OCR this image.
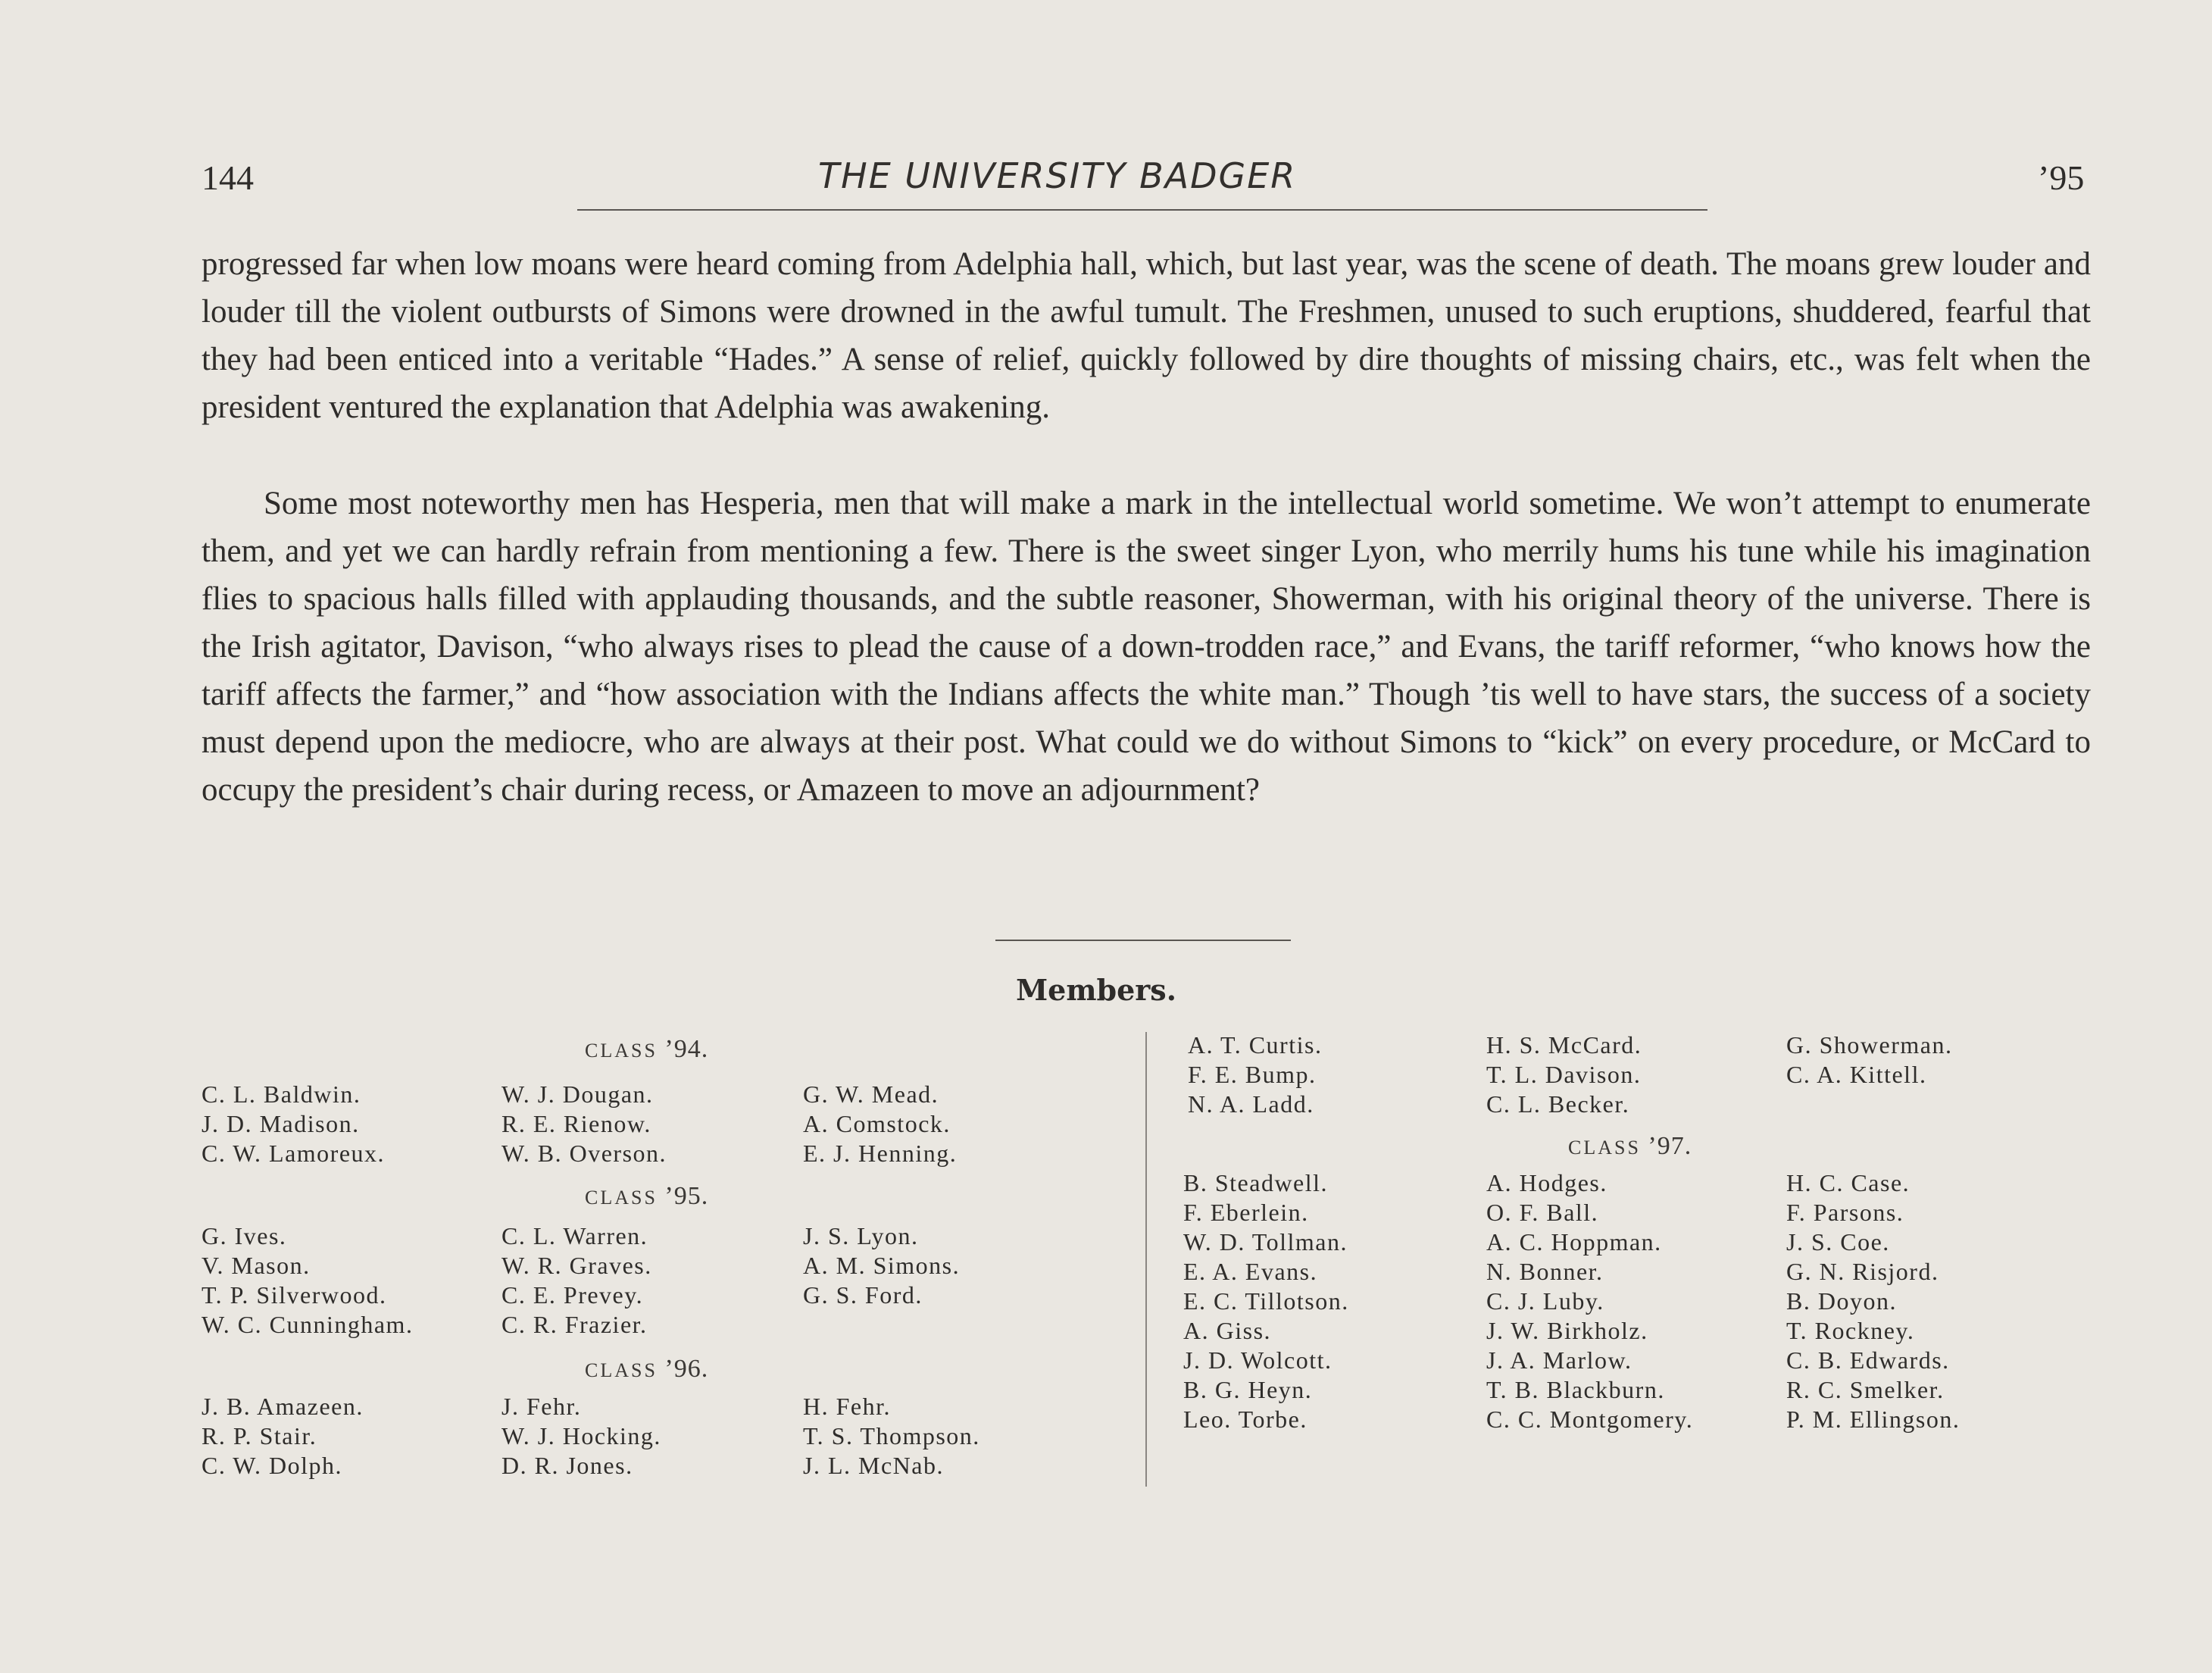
144	THE UNIVERSITY BADGER	’95

progressed far when low moans were heard coming from Adelphia hall, which, but last year, was the scene of death. The moans grew louder and louder till the violent outbursts of Simons were drowned in the awful tumult. The Freshmen, unused to such eruptions, shuddered, fearful that they had been enticed into a veritable “Hades.” A sense of relief, quickly followed by dire thoughts of missing chairs, etc., was felt when the president ventured the explanation that Adelphia was awakening.

Some most noteworthy men has Hesperia, men that will make a mark in the intellectual world sometime. We won’t attempt to enumerate them, and yet we can hardly refrain from mentioning a few. There is the sweet singer Lyon, who merrily hums his tune while his imagination flies to spacious halls filled with applauding thousands, and the subtle reasoner, Showerman, with his original theory of the universe. There is the Irish agitator, Davison, “who always rises to plead the cause of a down-trodden race,” and Evans, the tariff reformer, “who knows how the tariff affects the farmer,” and “how association with the Indians affects the white man.” Though ’tis well to have stars, the success of a society must depend upon the mediocre, who are always at their post. What could we do without Simons to “kick” on every procedure, or McCard to occupy the president’s chair during recess, or Amazeen to move an adjournment?

Members.
CLASS ’94.
C. L. Baldwin.
J. D. Madison.
C. W. Lamoreux.
W. J. Dougan.
R. E. Rienow.
W. B. Overson.
G. W. Mead.
A. Comstock.
E. J. Henning.
CLASS ’95.
G. Ives.
V. Mason.
T. P. Silverwood.
W. C. Cunningham.
C. L. Warren.
W. R. Graves.
C. E. Prevey.
C. R. Frazier.
J. S. Lyon.
A. M. Simons.
G. S. Ford.
CLASS ’96.
J. B. Amazeen.
R. P. Stair.
C. W. Dolph.
J. Fehr.
W. J. Hocking.
D. R. Jones.
H. Fehr.
T. S. Thompson.
J. L. McNab.
A. T. Curtis.
F. E. Bump.
N. A. Ladd.
H. S. McCard.
T. L. Davison.
C. L. Becker.
G. Showerman.
C. A. Kittell.
CLASS ’97.
B. Steadwell.
F. Eberlein.
W. D. Tollman.
E. A. Evans.
E. C. Tillotson.
A. Giss.
J. D. Wolcott.
B. G. Heyn.
Leo. Torbe.
A. Hodges.
O. F. Ball.
A. C. Hoppman.
N. Bonner.
C. J. Luby.
J. W. Birkholz.
J. A. Marlow.
T. B. Blackburn.
C. C. Montgomery.
H. C. Case.
F. Parsons.
J. S. Coe.
G. N. Risjord.
B. Doyon.
T. Rockney.
C. B. Edwards.
R. C. Smelker.
P. M. Ellingson.
